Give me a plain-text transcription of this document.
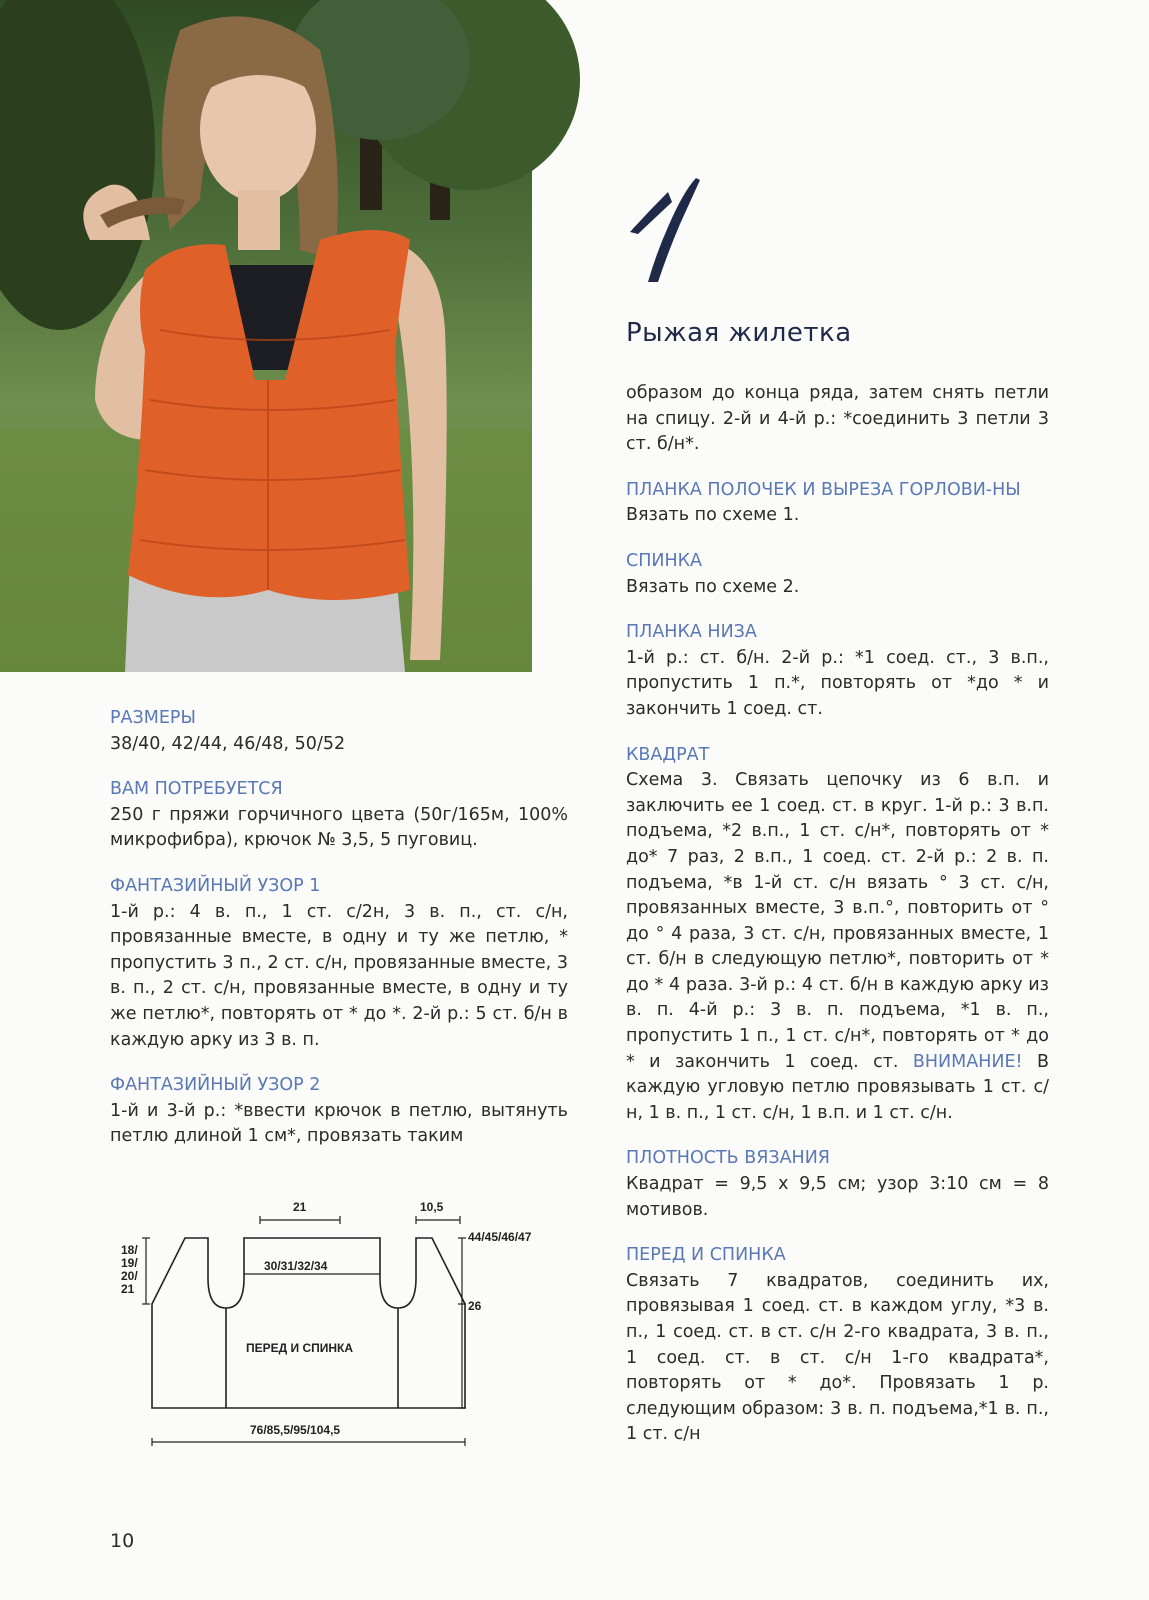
Рыжая жилетка

РАЗМЕРЫ

38/40, 42/44, 46/48, 50/52

ВАМ ПОТРЕБУЕТСЯ

250 г пряжи горчичного цвета (50г/165м, 100% микрофибра), крючок № 3,5, 5 пуговиц.

ФАНТАЗИЙНЫЙ УЗОР 1

1-й р.: 4 в. п., 1 ст. с/2н, 3 в. п., ст. с/н, провязанные вместе, в одну и ту же петлю, * пропустить 3 п., 2 ст. с/н, провязанные вместе, 3 в. п., 2 ст. с/н, провязанные вместе, в одну и ту же петлю*, повторять от * до *. 2-й р.: 5 ст. б/н в каждую арку из 3 в. п.

ФАНТАЗИЙНЫЙ УЗОР 2

1-й и 3-й р.: *ввести крючок в петлю, вытянуть петлю длиной 1 см*, провязать таким

21	10,5
30/31/32/34
44/45/46/47
26
18/
19/
20/
21
ПЕРЕД И СПИНКА
76/85,5/95/104,5

образом до конца ряда, затем снять петли на спицу. 2-й и 4-й р.: *соединить 3 петли 3 ст. б/н*.

ПЛАНКА ПОЛОЧЕК И ВЫРЕЗА ГОРЛОВИ-НЫ

Вязать по схеме 1.

СПИНКА

Вязать по схеме 2.

ПЛАНКА НИЗА

1-й р.: ст. б/н. 2-й р.: *1 соед. ст., 3 в.п., пропустить 1 п.*, повторять от *до * и закончить 1 соед. ст.

КВАДРАТ

Схема 3. Связать цепочку из 6 в.п. и заключить ее 1 соед. ст. в круг. 1-й р.: 3 в.п. подъема, *2 в.п., 1 ст. с/н*, повторять от * до* 7 раз, 2 в.п., 1 соед. ст. 2-й р.: 2 в. п. подъема, *в 1-й ст. с/н вязать ° 3 ст. с/н, провязанных вместе, 3 в.п.°, повторить от ° до ° 4 раза, 3 ст. с/н, провязанных вместе, 1 ст. б/н в следующую петлю*, повторить от * до * 4 раза. 3-й р.: 4 ст. б/н в каждую арку из в. п. 4-й р.: 3 в. п. подъема, *1 в. п., пропустить 1 п., 1 ст. с/н*, повторять от * до * и закончить 1 соед. ст. ВНИМАНИЕ! В каждую угловую петлю провязывать 1 ст. с/н, 1 в. п., 1 ст. с/н, 1 в.п. и 1 ст. с/н.

ПЛОТНОСТЬ ВЯЗАНИЯ

Квадрат = 9,5 х 9,5 см; узор 3:10 см = 8 мотивов.

ПЕРЕД И СПИНКА

Связать 7 квадратов, соединить их, провязывая 1 соед. ст. в каждом углу, *3 в. п., 1 соед. ст. в ст. с/н 2-го квадрата, 3 в. п., 1 соед. ст. в ст. с/н 1-го квадрата*, повторять от * до*. Провязать 1 р. следующим образом: 3 в. п. подъема,*1 в. п., 1 ст. с/н

10
